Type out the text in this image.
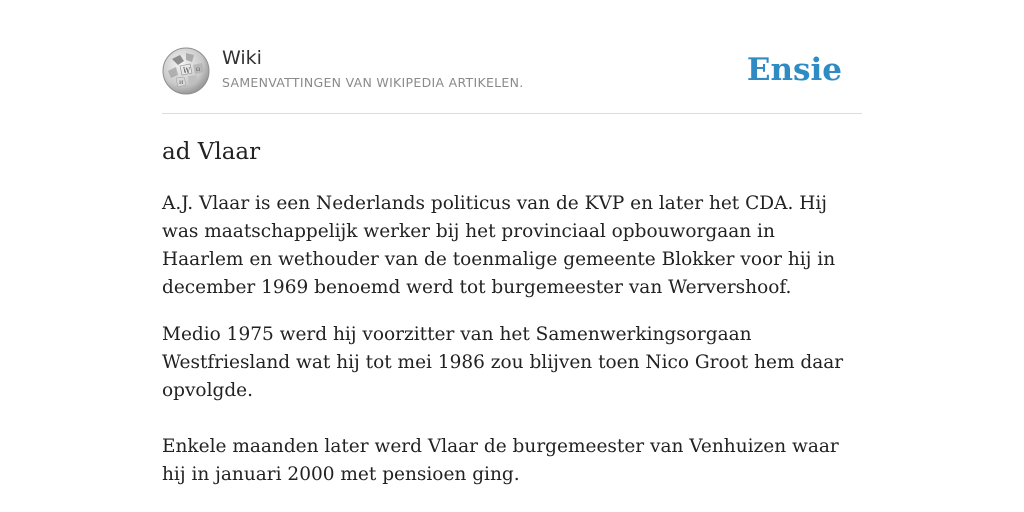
W Ω
И
Wiki
SAMENVATTINGEN VAN WIKIPEDIA ARTIKELEN.	Ensie
ad Vlaar

A.J. Vlaar is een Nederlands politicus van de KVP en later het CDA. Hij was maatschappelijk werker bij het provinciaal opbouworgaan in Haarlem en wethouder van de toenmalige gemeente Blokker voor hij in december 1969 benoemd werd tot burgemeester van Wervershoof.

Medio 1975 werd hij voorzitter van het Samenwerkingsorgaan Westfriesland wat hij tot mei 1986 zou blijven toen Nico Groot hem daar opvolgde.

Enkele maanden later werd Vlaar de burgemeester van Venhuizen waar hij in januari 2000 met pensioen ging.
